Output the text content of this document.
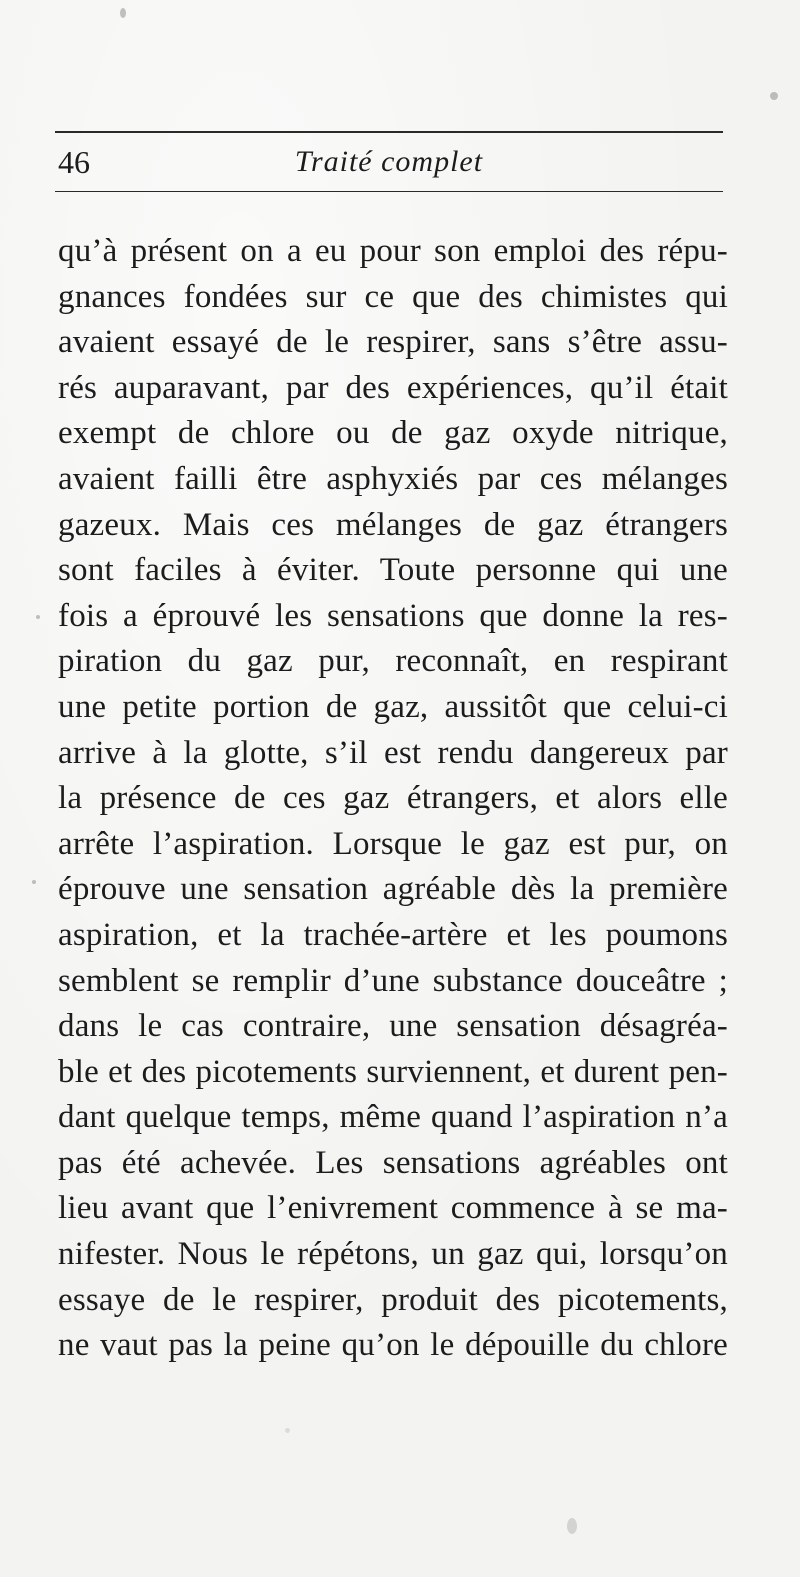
46	Traité complet
qu’à présent on a eu pour son emploi des répu-
gnances fondées sur ce que des chimistes qui
avaient essayé de le respirer, sans s’être assu-
rés auparavant, par des expériences, qu’il était
exempt de chlore ou de gaz oxyde nitrique,
avaient failli être asphyxiés par ces mélanges
gazeux. Mais ces mélanges de gaz étrangers
sont faciles à éviter. Toute personne qui une
fois a éprouvé les sensations que donne la res-
piration du gaz pur, reconnaît, en respirant
une petite portion de gaz, aussitôt que celui-ci
arrive à la glotte, s’il est rendu dangereux par
la présence de ces gaz étrangers, et alors elle
arrête l’aspiration. Lorsque le gaz est pur, on
éprouve une sensation agréable dès la première
aspiration, et la trachée-artère et les poumons
semblent se remplir d’une substance douceâtre ;
dans le cas contraire, une sensation désagréa-
ble et des picotements surviennent, et durent pen-
dant quelque temps, même quand l’aspiration n’a
pas été achevée. Les sensations agréables ont
lieu avant que l’enivrement commence à se ma-
nifester. Nous le répétons, un gaz qui, lorsqu’on
essaye de le respirer, produit des picotements,
ne vaut pas la peine qu’on le dépouille du chlore
